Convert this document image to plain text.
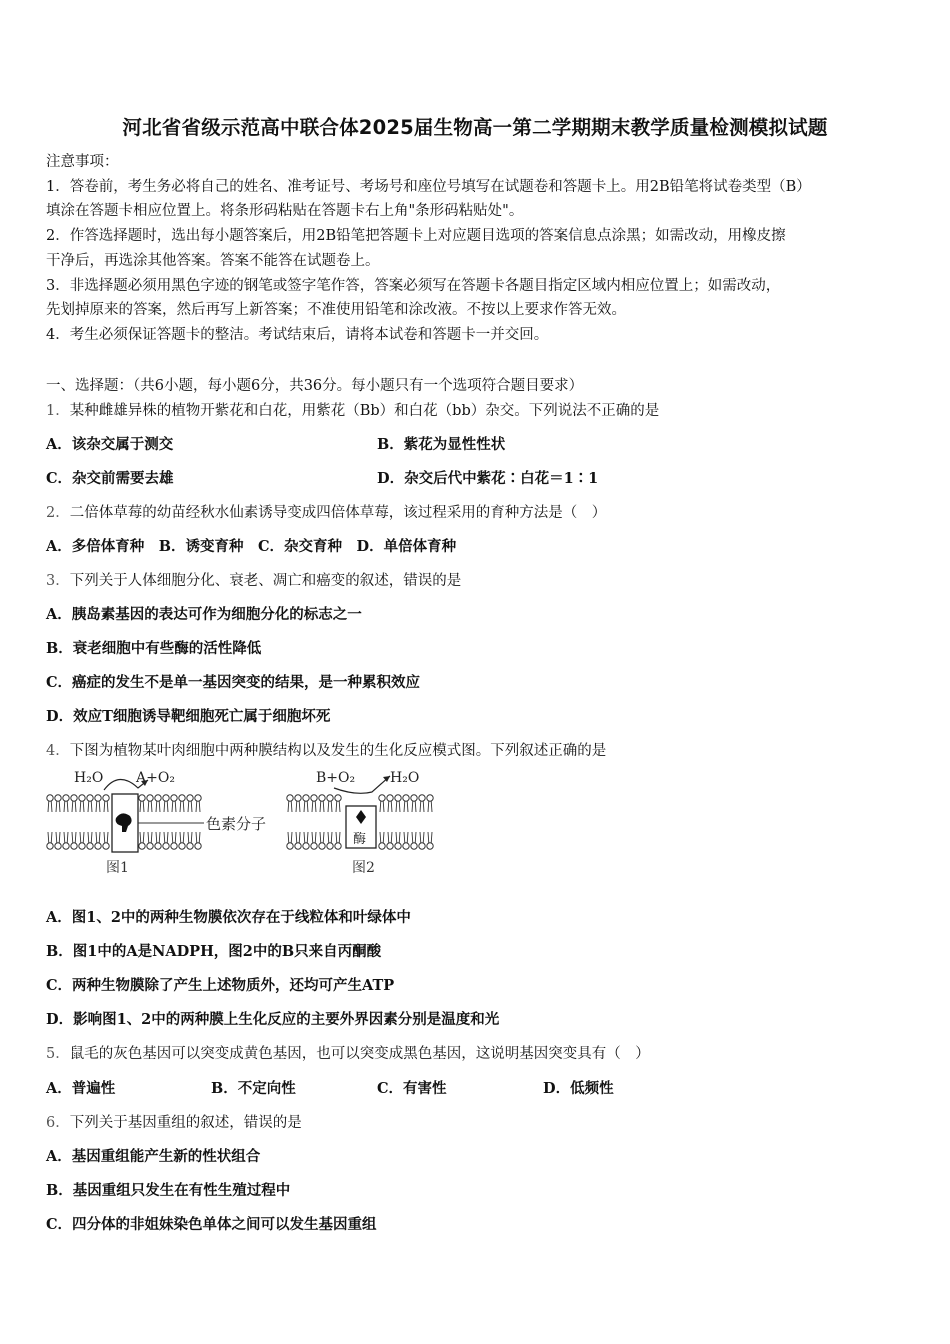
河北省省级示范高中联合体2025届生物高一第二学期期末教学质量检测模拟试题
注意事项：
1．答卷前，考生务必将自己的姓名、准考证号、考场号和座位号填写在试题卷和答题卡上。用2B铅笔将试卷类型（B）
填涂在答题卡相应位置上。将条形码粘贴在答题卡右上角"条形码粘贴处"。
2．作答选择题时，选出每小题答案后，用2B铅笔把答题卡上对应题目选项的答案信息点涂黑；如需改动，用橡皮擦
干净后，再选涂其他答案。答案不能答在试题卷上。
3．非选择题必须用黑色字迹的钢笔或签字笔作答，答案必须写在答题卡各题目指定区域内相应位置上；如需改动，
先划掉原来的答案，然后再写上新答案；不准使用铅笔和涂改液。不按以上要求作答无效。
4．考生必须保证答题卡的整洁。考试结束后，请将本试卷和答题卡一并交回。
一、选择题：（共6小题，每小题6分，共36分。每小题只有一个选项符合题目要求）
1．某种雌雄异株的植物开紫花和白花，用紫花（Bb）和白花（bb）杂交。下列说法不正确的是
A．该杂交属于测交	B．紫花为显性性状
C．杂交前需要去雄	D．杂交后代中紫花∶白花＝1∶1
2．二倍体草莓的幼苗经秋水仙素诱导变成四倍体草莓，该过程采用的育种方法是（　）
A．多倍体育种　B．诱变育种　C．杂交育种　D．单倍体育种
3．下列关于人体细胞分化、衰老、凋亡和癌变的叙述，错误的是
A．胰岛素基因的表达可作为细胞分化的标志之一
B．衰老细胞中有些酶的活性降低
C．癌症的发生不是单一基因突变的结果，是一种累积效应
D．效应T细胞诱导靶细胞死亡属于细胞坏死
4．下图为植物某叶肉细胞中两种膜结构以及发生的生化反应模式图。下列叙述正确的是
色素分子
H₂O A+O₂
图1
酶
B+O₂ H₂O
图2
A．图1、2中的两种生物膜依次存在于线粒体和叶绿体中
B．图1中的A是NADPH，图2中的B只来自丙酮酸
C．两种生物膜除了产生上述物质外，还均可产生ATP
D．影响图1、2中的两种膜上生化反应的主要外界因素分别是温度和光
5．鼠毛的灰色基因可以突变成黄色基因，也可以突变成黑色基因，这说明基因突变具有（　）
A．普遍性	B．不定向性	C．有害性	D．低频性
6．下列关于基因重组的叙述，错误的是
A．基因重组能产生新的性状组合
B．基因重组只发生在有性生殖过程中
C．四分体的非姐妹染色单体之间可以发生基因重组
